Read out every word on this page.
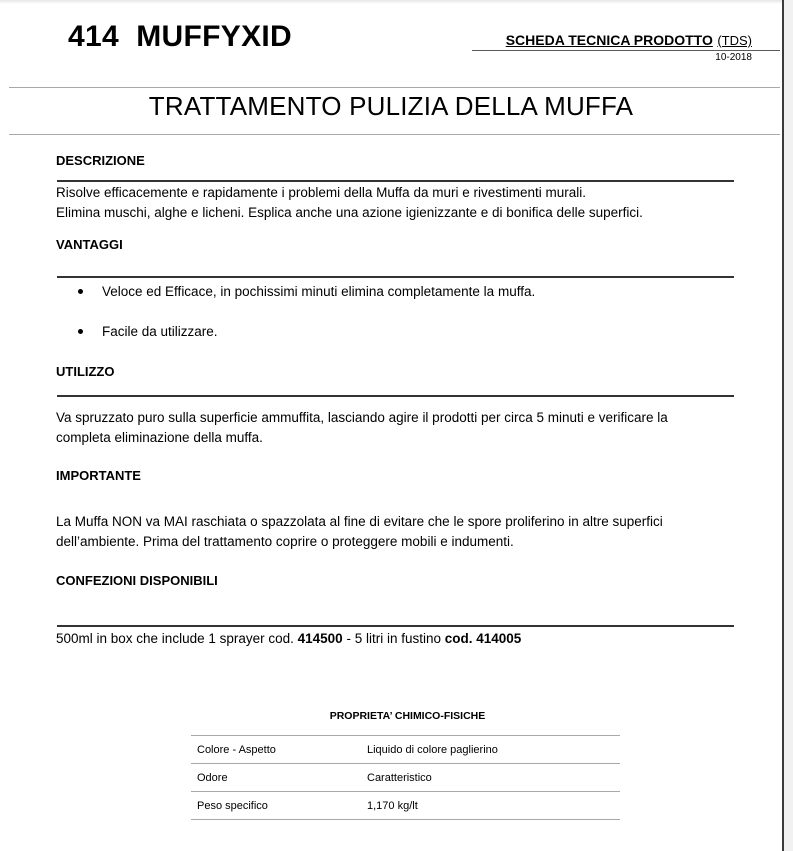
414 MUFFYXID	SCHEDA TECNICA PRODOTTO (TDS)
10-2018
TRATTAMENTO PULIZIA DELLA MUFFA
DESCRIZIONE
Risolve efficacemente e rapidamente i problemi della Muffa da muri e rivestimenti murali.
Elimina muschi, alghe e licheni. Esplica anche una azione igienizzante e di bonifica delle superfici.
VANTAGGI
Veloce ed Efficace, in pochissimi minuti elimina completamente la muffa.
Facile da utilizzare.
UTILIZZO
Va spruzzato puro sulla superficie ammuffita, lasciando agire il prodotti per circa 5 minuti e verificare la
completa eliminazione della muffa.
IMPORTANTE
La Muffa NON va MAI raschiata o spazzolata al fine di evitare che le spore proliferino in altre superfici
dell’ambiente. Prima del trattamento coprire o proteggere mobili e indumenti.
CONFEZIONI DISPONIBILI
500ml in box che include 1 sprayer cod. 414500 - 5 litri in fustino cod. 414005
PROPRIETA’ CHIMICO-FISICHE
Colore - Aspetto	Liquido di colore paglierino
Odore	Caratteristico
Peso specifico	1,170 kg/lt
